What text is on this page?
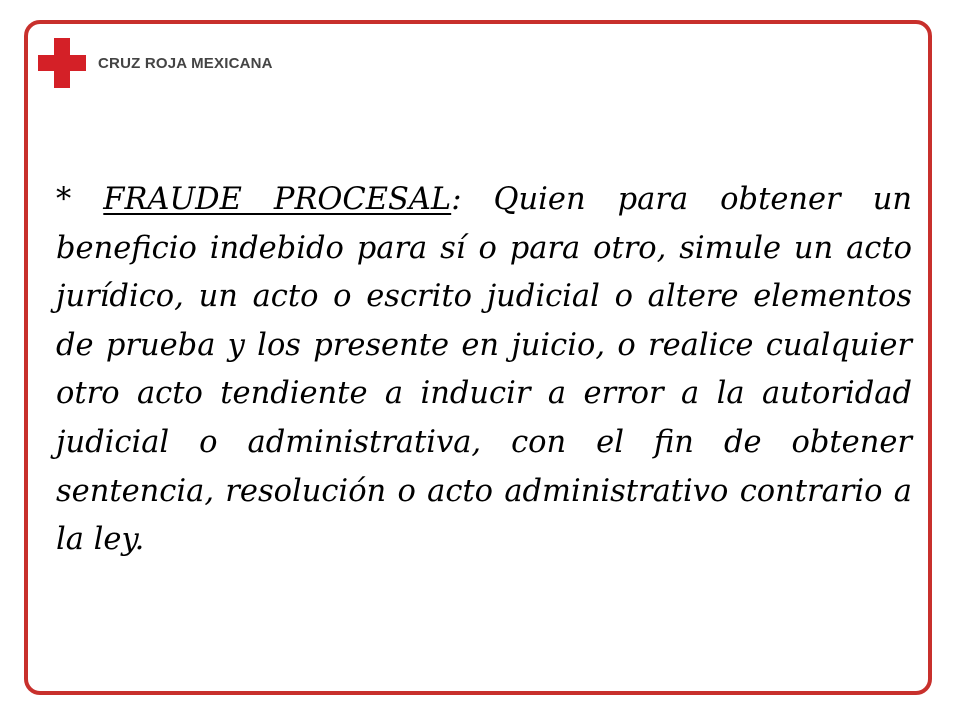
CRUZ ROJA MEXICANA

* FRAUDE PROCESAL: Quien para obtener un beneficio indebido para sí o para otro, simule un acto jurídico, un acto o escrito judicial o altere elementos de prueba y los presente en juicio, o realice cualquier otro acto tendiente a inducir a error a la autoridad judicial o administrativa, con el fin de obtener sentencia, resolución o acto administrativo contrario a la ley.
